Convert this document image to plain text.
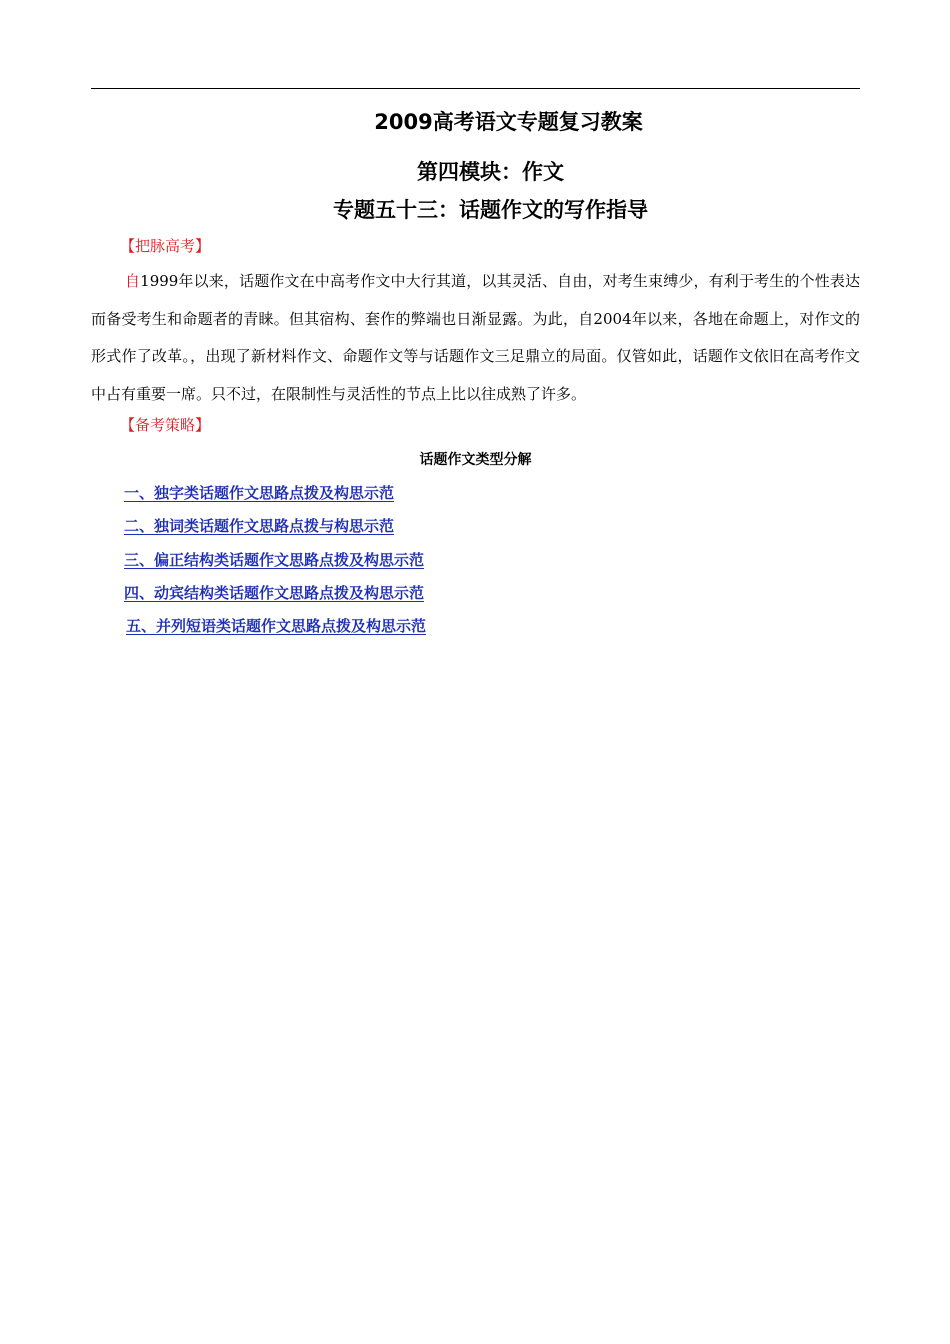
2009高考语文专题复习教案
第四模块：作文
专题五十三：话题作文的写作指导
【把脉高考】

自1999年以来，话题作文在中高考作文中大行其道，以其灵活、自由，对考生束缚少，有利于考生的个性表达而备受考生和命题者的青睐。但其宿构、套作的弊端也日渐显露。为此，自2004年以来，各地在命题上，对作文的形式作了改革。，出现了新材料作文、命题作文等与话题作文三足鼎立的局面。仅管如此，话题作文依旧在高考作文中占有重要一席。只不过，在限制性与灵活性的节点上比以往成熟了许多。

【备考策略】
话题作文类型分解
一、独字类话题作文思路点拨及构思示范
二、独词类话题作文思路点拨与构思示范
三、偏正结构类话题作文思路点拨及构思示范
四、动宾结构类话题作文思路点拨及构思示范
五、并列短语类话题作文思路点拨及构思示范
